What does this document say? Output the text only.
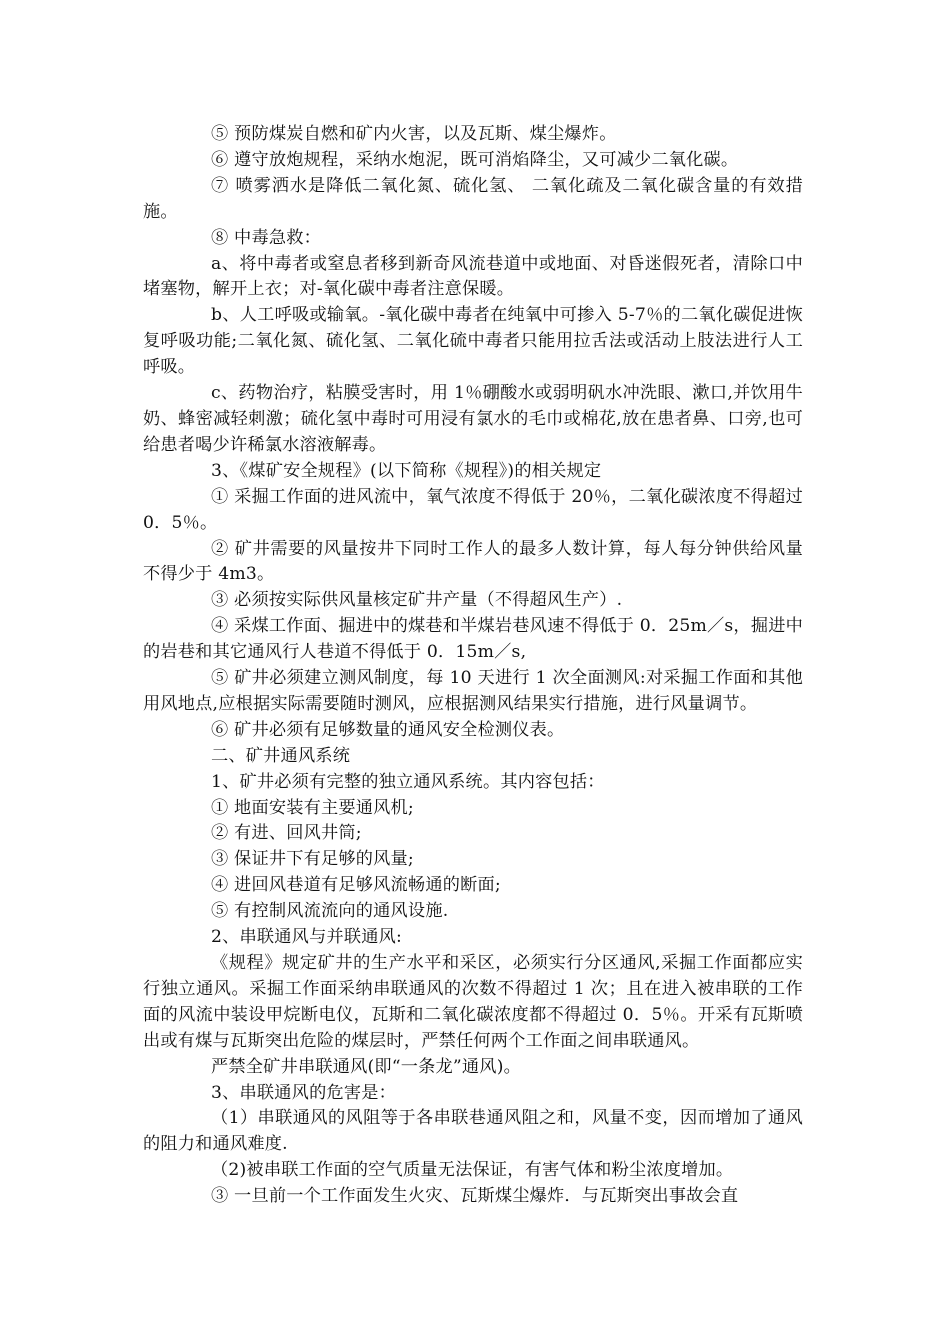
⑤ 预防煤炭自燃和矿内火害，以及瓦斯、煤尘爆炸。

⑥ 遵守放炮规程，采纳水炮泥，既可消焰降尘，又可减少二氧化碳。

⑦ 喷雾洒水是降低二氧化氮、硫化氢、 二氧化疏及二氧化碳含量的有效措施。

⑧ 中毒急救：

a、将中毒者或窒息者移到新奇风流巷道中或地面、对昏迷假死者，清除口中堵塞物，解开上衣；对-氧化碳中毒者注意保暖。

b、人工呼吸或输氧。-氧化碳中毒者在纯氧中可掺入 5-7％的二氧化碳促进恢复呼吸功能;二氧化氮、硫化氢、二氧化硫中毒者只能用拉舌法或活动上肢法进行人工呼吸。

c、药物治疗，粘膜受害时，用 1％硼酸水或弱明矾水冲洗眼、漱口,并饮用牛奶、蜂密减轻刺激；硫化氢中毒时可用浸有氯水的毛巾或棉花,放在患者鼻、口旁,也可给患者喝少许稀氯水溶液解毒。

3、《煤矿安全规程》(以下简称《规程》)的相关规定

① 采掘工作面的进风流中，氧气浓度不得低于 20％，二氧化碳浓度不得超过 0．5％。

② 矿井需要的风量按井下同时工作人的最多人数计算，每人每分钟供给风量不得少于 4m3。

③ 必须按实际供风量核定矿井产量（不得超风生产）.

④ 采煤工作面、掘进中的煤巷和半煤岩巷风速不得低于 0．25m／s，掘进中的岩巷和其它通风行人巷道不得低于 0．15m／s,

⑤ 矿井必须建立测风制度，每 10 天进行 1 次全面测风:对采掘工作面和其他用风地点,应根据实际需要随时测风，应根据测风结果实行措施，进行风量调节。

⑥ 矿井必须有足够数量的通风安全检测仪表。

二、矿井通风系统

1、矿井必须有完整的独立通风系统。其内容包括：

① 地面安装有主要通风机;

② 有进、回风井筒;

③ 保证井下有足够的风量;

④ 进回风巷道有足够风流畅通的断面;

⑤ 有控制风流流向的通风设施.

2、串联通风与并联通风:

《规程》规定矿井的生产水平和采区，必须实行分区通风,采掘工作面都应实行独立通风。采掘工作面采纳串联通风的次数不得超过 1 次；且在进入被串联的工作面的风流中装设甲烷断电仪，瓦斯和二氧化碳浓度都不得超过 0．5％。开采有瓦斯喷出或有煤与瓦斯突出危险的煤层时，严禁任何两个工作面之间串联通风。

严禁全矿井串联通风(即“一条龙”通风)。

3、串联通风的危害是：

（1）串联通风的风阻等于各串联巷通风阻之和，风量不变，因而增加了通风的阻力和通风难度.

（2)被串联工作面的空气质量无法保证，有害气体和粉尘浓度增加。

③ 一旦前一个工作面发生火灾、瓦斯煤尘爆炸．与瓦斯突出事故会直
